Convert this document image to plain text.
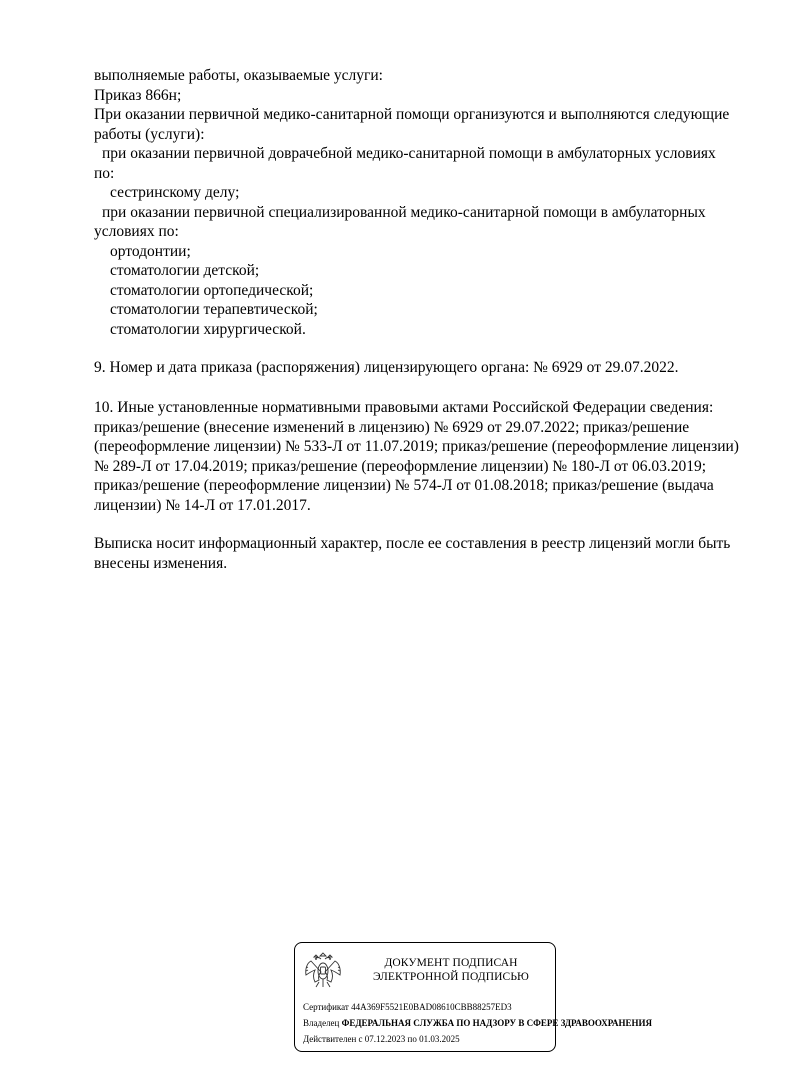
выполняемые работы, оказываемые услуги:
Приказ 866н;
При оказании первичной медико-санитарной помощи организуются и выполняются следующие
работы (услуги):
при оказании первичной доврачебной медико-санитарной помощи в амбулаторных условиях
по:
сестринскому делу;
при оказании первичной специализированной медико-санитарной помощи в амбулаторных
условиях по:
ортодонтии;
стоматологии детской;
стоматологии ортопедической;
стоматологии терапевтической;
стоматологии хирургической.
9. Номер и дата приказа (распоряжения) лицензирующего органа: № 6929 от 29.07.2022.
10. Иные установленные нормативными правовыми актами Российской Федерации сведения:
приказ/решение (внесение изменений в лицензию) № 6929 от 29.07.2022; приказ/решение
(переоформление лицензии) № 533-Л от 11.07.2019; приказ/решение (переоформление лицензии)
№ 289-Л от 17.04.2019; приказ/решение (переоформление лицензии) № 180-Л от 06.03.2019;
приказ/решение (переоформление лицензии) № 574-Л от 01.08.2018; приказ/решение (выдача
лицензии) № 14-Л от 17.01.2017.
Выписка носит информационный характер, после ее составления в реестр лицензий могли быть
внесены изменения.
ДОКУМЕНТ ПОДПИСАН
ЭЛЕКТРОННОЙ ПОДПИСЬЮ
Сертификат 44A369F5521E0BAD08610CBB88257ED3
Владелец ФЕДЕРАЛЬНАЯ СЛУЖБА ПО НАДЗОРУ В СФЕРЕ ЗДРАВООХРАНЕНИЯ
Действителен с 07.12.2023 по 01.03.2025
